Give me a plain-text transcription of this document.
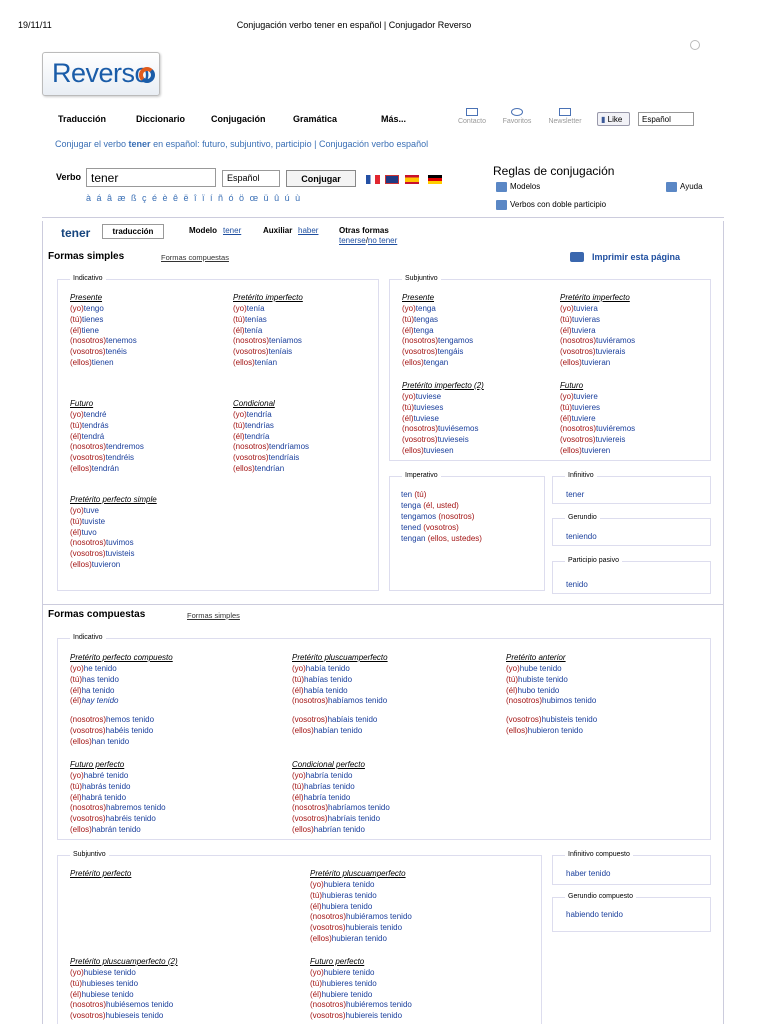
19/11/11	Conjugación verbo tener en español | Conjugador Reverso
Reverso
Traducción	Diccionario	Conjugación	Gramática	Más...	Contacto	Favoritos	Newsletter	▮ Like	Español
Conjugar el verbo tener en español: futuro, subjuntivo, participio | Conjugación verbo español
Verbo tener	Español	Conjugar
à á â æ ß ç é è ê ë î ï í ñ ó ö œ ü û ú ù
Reglas de conjugación
Modelos
Verbos con doble participio
Ayuda
tener	traducción	Modelo tener	Auxiliar haber	Otras formas
tenerse/no tener
Formas simples	Formas compuestas	Imprimir esta página
Indicativo	Subjuntivo
Imperativo	Infinitivo
Gerundio
Participio pasivo
tener
teniendo
tenido
ten (tú)
tenga (él, usted)
tengamos (nosotros)
tened (vosotros)
tengan (ellos, ustedes)
Presente
(yo)tengo
(tú)tienes
(él)tiene
(nosotros)tenemos
(vosotros)tenéis
(ellos)tienen
Pretérito imperfecto
(yo)tenía
(tú)tenías
(él)tenía
(nosotros)teníamos
(vosotros)teníais
(ellos)tenían
Futuro
(yo)tendré
(tú)tendrás
(él)tendrá
(nosotros)tendremos
(vosotros)tendréis
(ellos)tendrán
Condicional
(yo)tendría
(tú)tendrías
(él)tendría
(nosotros)tendríamos
(vosotros)tendríais
(ellos)tendrían
Pretérito perfecto simple
(yo)tuve
(tú)tuviste
(él)tuvo
(nosotros)tuvimos
(vosotros)tuvisteis
(ellos)tuvieron
Presente
(yo)tenga
(tú)tengas
(él)tenga
(nosotros)tengamos
(vosotros)tengáis
(ellos)tengan
Pretérito imperfecto
(yo)tuviera
(tú)tuvieras
(él)tuviera
(nosotros)tuviéramos
(vosotros)tuvierais
(ellos)tuvieran
Pretérito imperfecto (2)
(yo)tuviese
(tú)tuvieses
(él)tuviese
(nosotros)tuviésemos
(vosotros)tuvieseis
(ellos)tuviesen
Futuro
(yo)tuviere
(tú)tuvieres
(él)tuviere
(nosotros)tuviéremos
(vosotros)tuviereis
(ellos)tuvieren
Formas compuestas	Formas simples
Indicativo
Subjuntivo	Infinitivo compuesto
Gerundio compuesto
haber tenido
habiendo tenido
Pretérito perfecto compuesto
(yo)he tenido
(tú)has tenido
(él)ha tenido
(él)hay tenido
(nosotros)hemos tenido
(vosotros)habéis tenido
(ellos)han tenido
Pretérito pluscuamperfecto
(yo)había tenido
(tú)habías tenido
(él)había tenido
(nosotros)habíamos tenido
(vosotros)habíais tenido
(ellos)habían tenido
Pretérito anterior
(yo)hube tenido
(tú)hubiste tenido
(él)hubo tenido
(nosotros)hubimos tenido
(vosotros)hubisteis tenido
(ellos)hubieron tenido
Futuro perfecto
(yo)habré tenido
(tú)habrás tenido
(él)habrá tenido
(nosotros)habremos tenido
(vosotros)habréis tenido
(ellos)habrán tenido
Condicional perfecto
(yo)habría tenido
(tú)habrías tenido
(él)habría tenido
(nosotros)habríamos tenido
(vosotros)habríais tenido
(ellos)habrían tenido
Pretérito perfecto	Pretérito pluscuamperfecto
(yo)hubiera tenido
(tú)hubieras tenido
(él)hubiera tenido
(nosotros)hubiéramos tenido
(vosotros)hubierais tenido
(ellos)hubieran tenido
Pretérito pluscuamperfecto (2)
(yo)hubiese tenido
(tú)hubieses tenido
(él)hubiese tenido
(nosotros)hubiésemos tenido
(vosotros)hubieseis tenido
Futuro perfecto
(yo)hubiere tenido
(tú)hubieres tenido
(él)hubiere tenido
(nosotros)hubiéremos tenido
(vosotros)hubiereis tenido
